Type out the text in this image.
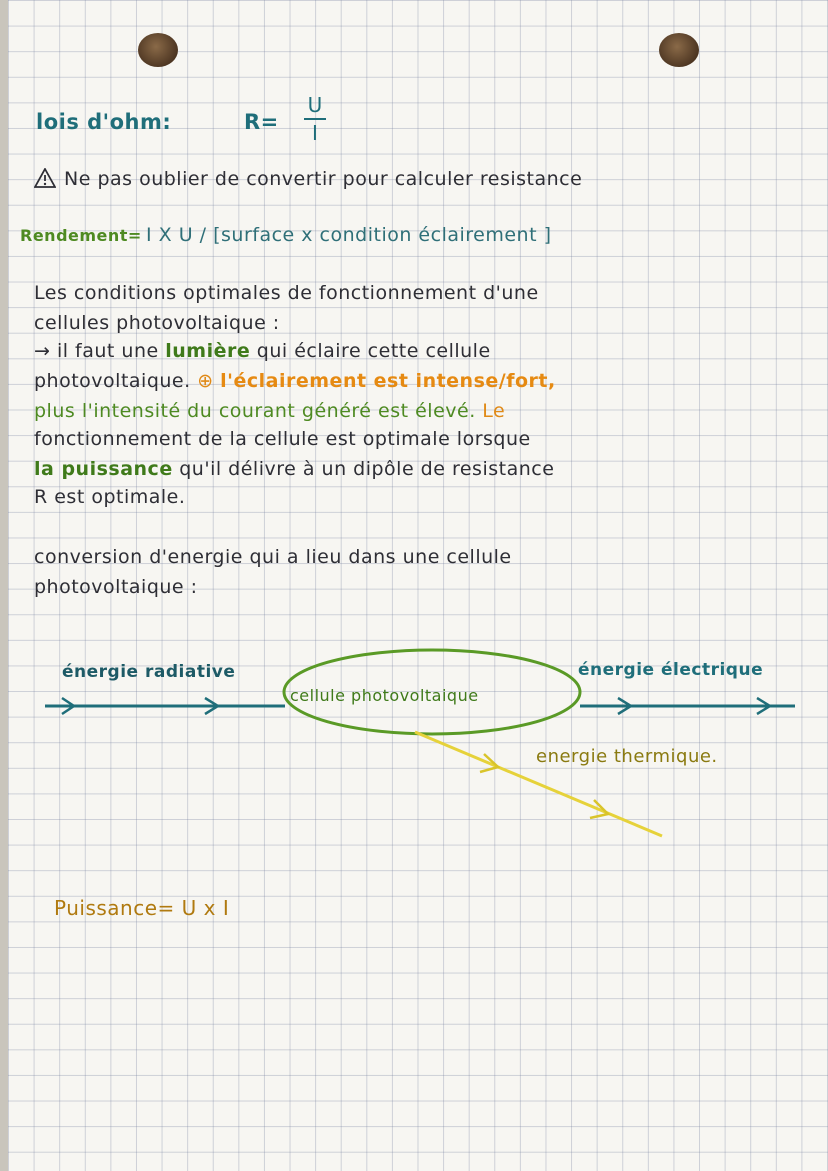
lois d'ohm:	R=
U
I
Ne pas oublier de convertir pour calculer resistance
Rendement= I X U / [surface x condition éclairement ]
Les conditions optimales de fonctionnement d'une
cellules photovoltaique :
→ il faut une lumière qui éclaire cette cellule
photovoltaique. ⊕ l'éclairement est intense/fort,
plus l'intensité du courant généré est élevé. Le
fonctionnement de la cellule est optimale lorsque
la puissance qu'il délivre à un dipôle de resistance
R est optimale.
conversion d'energie qui a lieu dans une cellule
photovoltaique :
énergie radiative
cellule photovoltaique
énergie électrique
energie thermique.
Puissance= U x I
